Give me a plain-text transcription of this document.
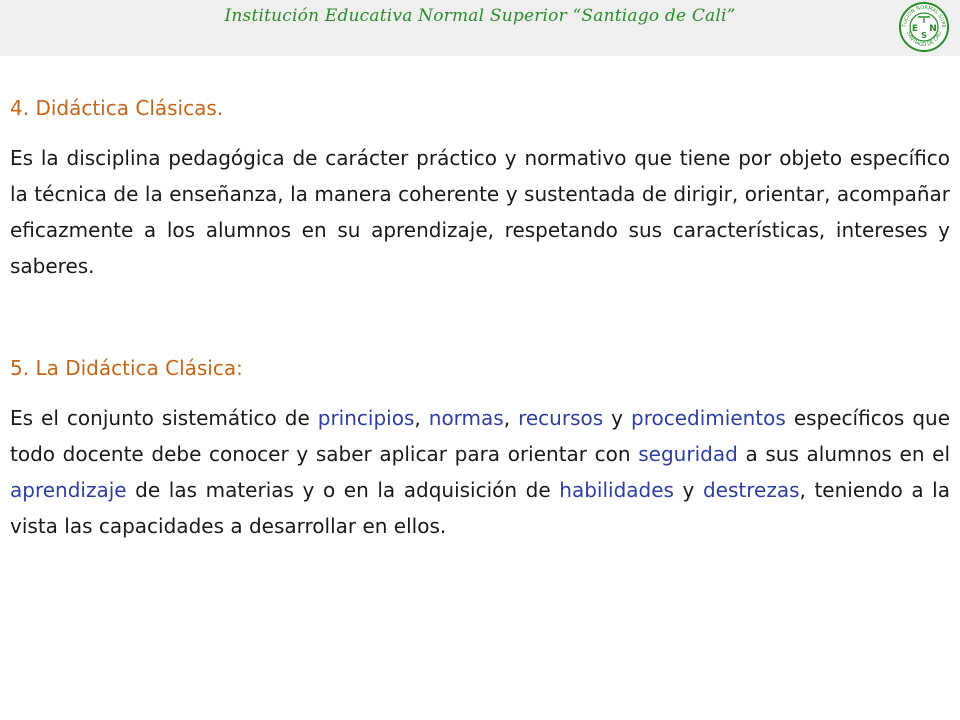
Institución Educativa Normal Superior “Santiago de Cali”	TUCIÓN NORMAL SUPE
SANTIAGO DE CALI
I
E N
S
4. Didáctica Clásicas.

Es la disciplina pedagógica de carácter práctico y normativo que tiene por objeto específico la técnica de la enseñanza, la manera coherente y sustentada de dirigir, orientar, acompañar eficazmente a los alumnos en su aprendizaje, respetando sus características, intereses y saberes.

5. La Didáctica Clásica:

Es el conjunto sistemático de principios, normas, recursos y procedimientos específicos que todo docente debe conocer y saber aplicar para orientar con seguridad a sus alumnos en el aprendizaje de las materias y o en la adquisición de habilidades y destrezas, teniendo a la vista las capacidades a desarrollar en ellos.
